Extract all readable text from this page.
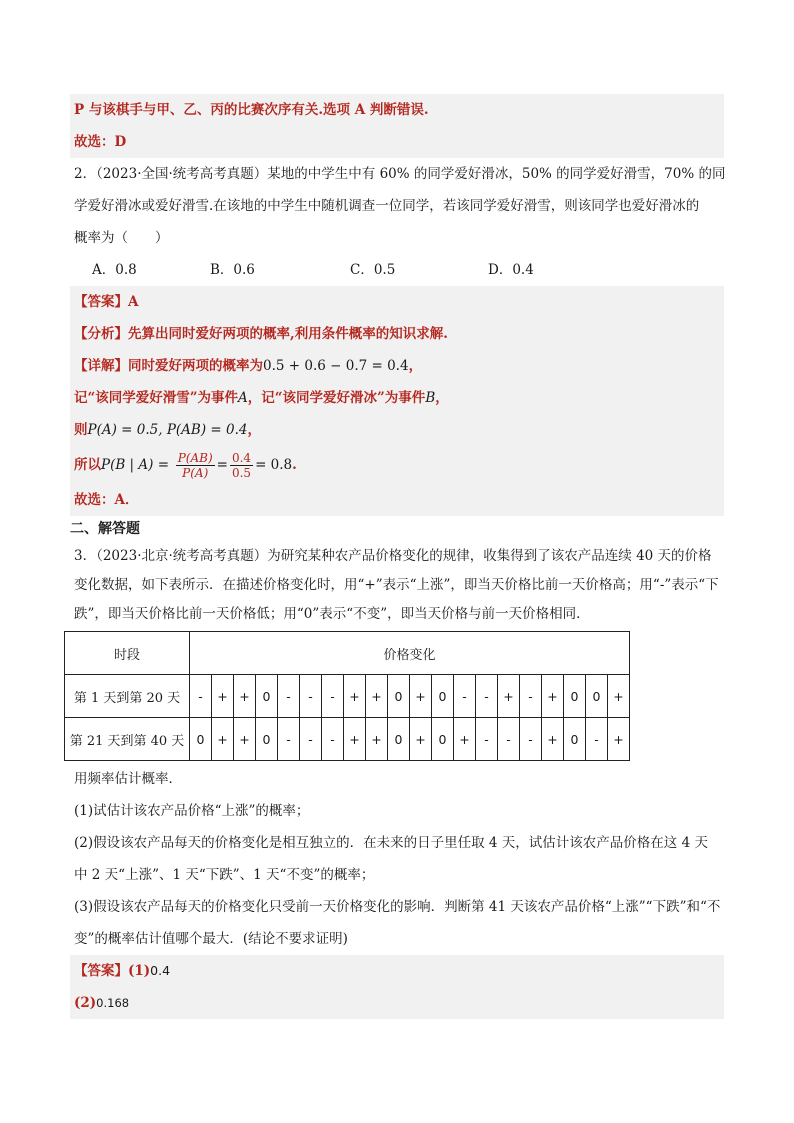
P 与该棋手与甲、乙、丙的比赛次序有关.选项 A 判断错误.
故选：D
2．（2023·全国·统考高考真题）某地的中学生中有 60% 的同学爱好滑冰，50% 的同学爱好滑雪，70% 的同
学爱好滑冰或爱好滑雪.在该地的中学生中随机调查一位同学，若该同学爱好滑雪，则该同学也爱好滑冰的
概率为（　　）
A．0.8	B．0.6	C．0.5	D．0.4
【答案】A
【分析】先算出同时爱好两项的概率,利用条件概率的知识求解.
【详解】同时爱好两项的概率为0.5 + 0.6 − 0.7 = 0.4，
记“该同学爱好滑雪”为事件A，记“该同学爱好滑冰”为事件B，
则P(A) = 0.5, P(AB) = 0.4，
所以P(B | $A) = \frac{P(AB)}{P(A)} = \frac{0.4}{0.5} = 0.8$.
故选：A．
二、解答题
3．（2023·北京·统考高考真题）为研究某种农产品价格变化的规律，收集得到了该农产品连续 40 天的价格
变化数据，如下表所示．在描述价格变化时，用“+”表示“上涨”，即当天价格比前一天价格高；用“-”表示“下
跌”，即当天价格比前一天价格低；用“0”表示“不变”，即当天价格与前一天价格相同．
时段	价格变化																			
第 1 天到第 20 天	-	+	+	0	-	-	-	+	+	0	+	0	-	-	+	-	+	0	0	+
第 21 天到第 40 天	0	+	+	0	-	-	-	+	+	0	+	0	+	-	-	-	+	0	-	+
用频率估计概率．
(1)试估计该农产品价格“上涨”的概率；
(2)假设该农产品每天的价格变化是相互独立的．在未来的日子里任取 4 天，试估计该农产品价格在这 4 天
中 2 天“上涨”、1 天“下跌”、1 天“不变”的概率；
(3)假设该农产品每天的价格变化只受前一天价格变化的影响．判断第 41 天该农产品价格“上涨”“下跌”和“不
变”的概率估计值哪个最大．(结论不要求证明)
【答案】(1)0.4
(2)0.168
